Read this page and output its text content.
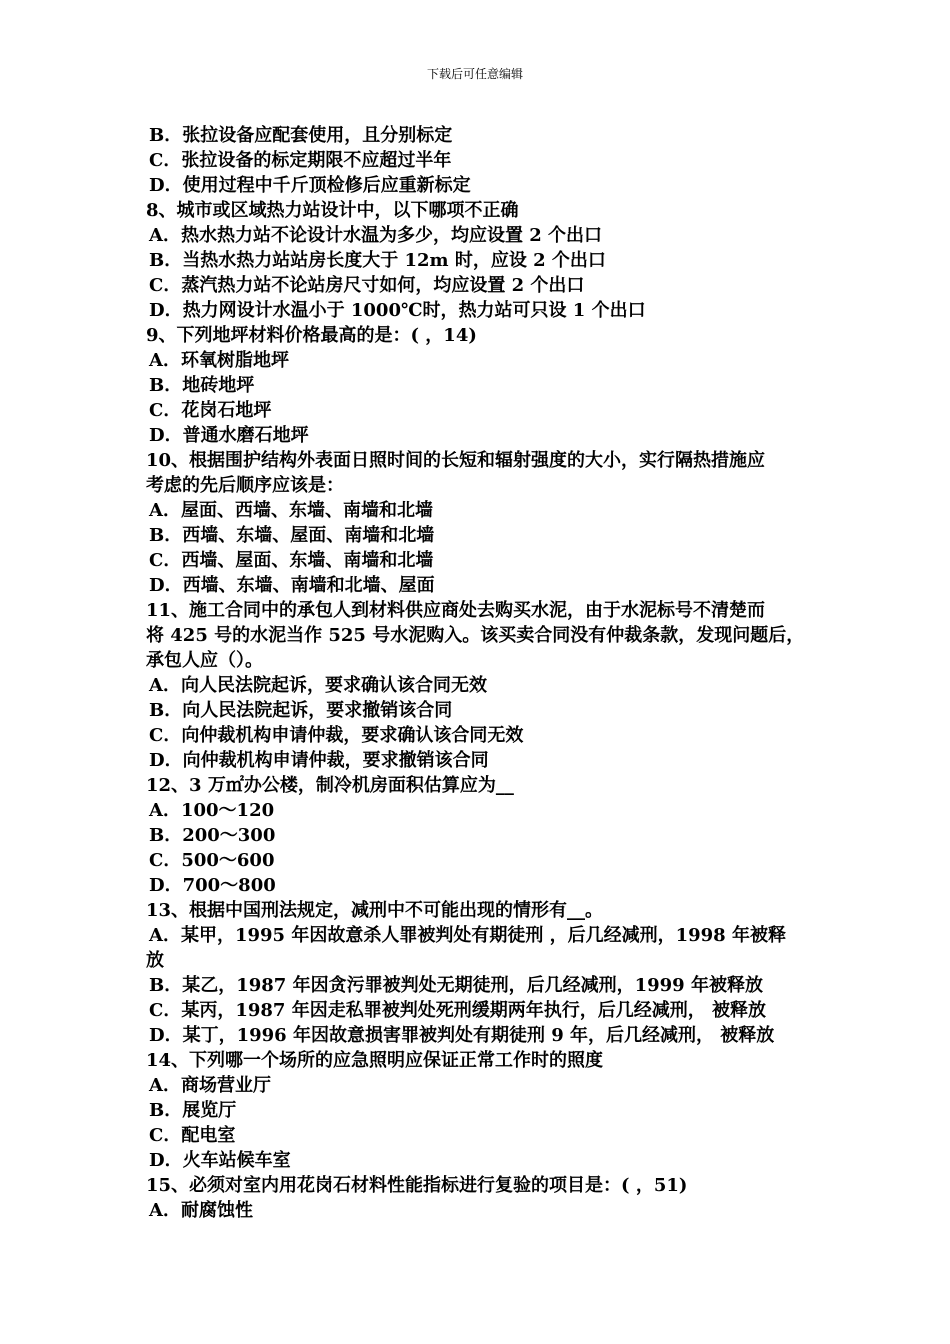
下载后可任意编辑
B．张拉设备应配套使用，且分别标定
C．张拉设备的标定期限不应超过半年
D．使用过程中千斤顶检修后应重新标定
8、城市或区域热力站设计中，以下哪项不正确
A．热水热力站不论设计水温为多少，均应设置 2 个出口
B．当热水热力站站房长度大于 12m 时，应设 2 个出口
C．蒸汽热力站不论站房尺寸如何，均应设置 2 个出口
D．热力网设计水温小于 1000℃时，热力站可只设 1 个出口
9、下列地坪材料价格最高的是：( ，14)
A．环氧树脂地坪
B．地砖地坪
C．花岗石地坪
D．普通水磨石地坪
10、根据围护结构外表面日照时间的长短和辐射强度的大小，实行隔热措施应
考虑的先后顺序应该是：
A．屋面、西墙、东墙、南墙和北墙
B．西墙、东墙、屋面、南墙和北墙
C．西墙、屋面、东墙、南墙和北墙
D．西墙、东墙、南墙和北墙、屋面
11、施工合同中的承包人到材料供应商处去购买水泥，由于水泥标号不清楚而
将 425 号的水泥当作 525 号水泥购入。该买卖合同没有仲裁条款，发现问题后，
承包人应（）。
A．向人民法院起诉，要求确认该合同无效
B．向人民法院起诉，要求撤销该合同
C．向仲裁机构申请仲裁，要求确认该合同无效
D．向仲裁机构申请仲裁，要求撤销该合同
12、3 万㎡办公楼，制冷机房面积估算应为__
A．100～120
B．200～300
C．500～600
D．700～800
13、根据中国刑法规定，减刑中不可能出现的情形有__。
A．某甲，1995 年因故意杀人罪被判处有期徒刑 ，后几经减刑，1998 年被释
放
B．某乙，1987 年因贪污罪被判处无期徒刑，后几经减刑，1999 年被释放
C．某丙，1987 年因走私罪被判处死刑缓期两年执行，后几经减刑， 被释放
D．某丁，1996 年因故意损害罪被判处有期徒刑 9 年，后几经减刑， 被释放
14、下列哪一个场所的应急照明应保证正常工作时的照度
A．商场营业厅
B．展览厅
C．配电室
D．火车站候车室
15、必须对室内用花岗石材料性能指标进行复验的项目是：( ，51)
A．耐腐蚀性
